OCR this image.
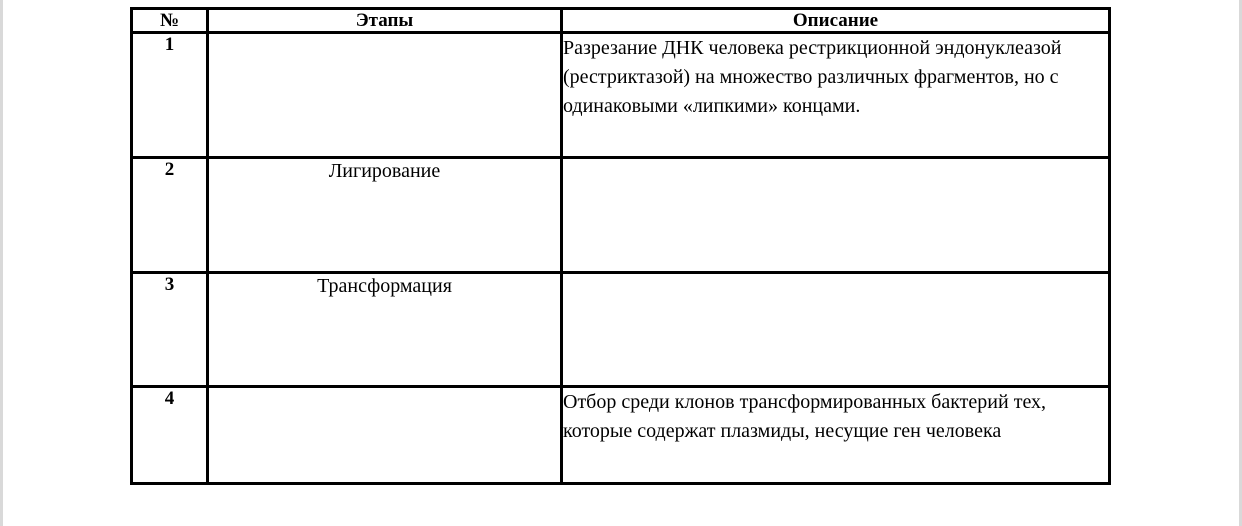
№	Этапы	Описание
1		Разрезание ДНК человека рестрикционной эндонуклеазой (рестриктазой) на множество различных фрагментов, но с одинаковыми «липкими» концами.

2	Лигирование	

3	Трансформация	

4		Отбор среди клонов трансформированных бактерий тех, которые содержат плазмиды, несущие ген человека
